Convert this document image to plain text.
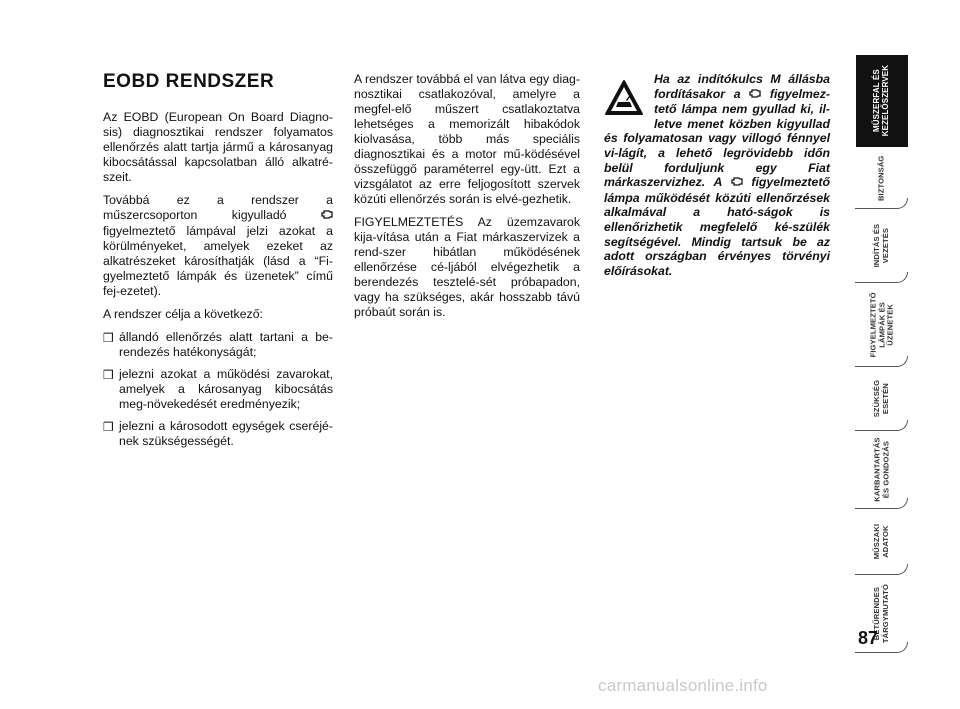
EOBD RENDSZER

Az EOBD (European On Board Diagno-sis) diagnosztikai rendszer folyamatos ellenőrzés alatt tartja jármű a károsanyag kibocsátással kapcsolatban álló alkatré-szeit.

Továbbá ez a rendszer a műszercsoporton kigyulladó  figyelmeztető lámpával jelzi azokat a körülményeket, amelyek ezeket az alkatrészeket károsíthatják (lásd a “Fi-gyelmeztető lámpák és üzenetek” című fej-ezetet).

A rendszer célja a következő:

❒ állandó ellenőrzés alatt tartani a be-rendezés hatékonyságát;
❒ jelezni azokat a működési zavarokat, amelyek a károsanyag kibocsátás meg-növekedését eredményezik;
❒ jelezni a károsodott egységek cseréjé-nek szükségességét.

A rendszer továbbá el van látva egy diag-nosztikai csatlakozóval, amelyre a megfel-elő műszert csatlakoztatva lehetséges a memorizált hibakódok kiolvasása, több más speciális diagnosztikai és a motor mű-ködésével összefüggő paraméterrel egy-ütt. Ezt a vizsgálatot az erre feljogosított szervek közúti ellenőrzés során is elvé-gezhetik.

FIGYELMEZTETÉS Az üzemzavarok kija-vítása után a Fiat márkaszervizek a rend-szer hibátlan működésének ellenőrzése cé-ljából elvégezhetik a berendezés tesztelé-sét próbapadon, vagy ha szükséges, akár hosszabb távú próbaút során is.

Ha az indítókulcs M állásba fordításakor a figyelmez-tető lámpa nem gyullad ki, il-letve menet közben kigyullad és folyamatosan vagy villogó fénnyel vi-lágít, a lehető legrövidebb időn belül forduljunk egy Fiat márkaszervizhez. A figyelmeztető lámpa működését közúti ellenőrzések alkalmával a ható-ságok is ellenőrizhetik megfelelő ké-szülék segítségével. Mindig tartsuk be az adott országban érvényes törvényi előírásokat.
MŰSZERFAL ÉS
KEZELŐSZERVEK
BIZTONSÁG
INDÍTÁS ÉS
VEZETÉS
FIGYELMEZTETŐ
LÁMPÁK ÉS
ÜZENETEK
SZÜKSÉG
ESETÉN
KARBANTARTÁS
ÉS GONDOZÁS
MŰSZAKI
ADATOK
BETŰRENDES
TÁRGYMUTATÓ
87
carmanualsonline.info
